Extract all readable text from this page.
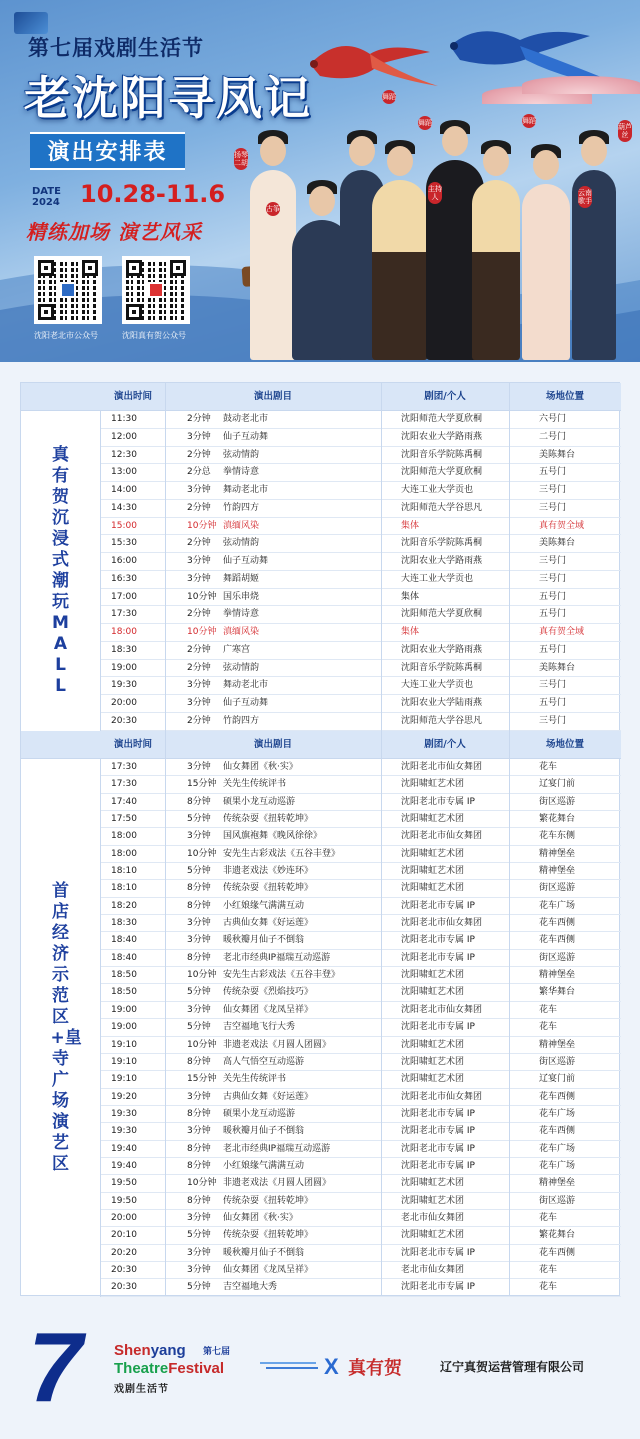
第七届戏剧生活节
老沈阳寻凤记
演出安排表
DATE
2024 10.28-11.6
精练加场 演艺风采
沈阳老北市公众号	沈阳真有贺公众号
扬琴二胡
古筝
舞蹈
舞蹈
主持人
舞蹈
葫芦丝
云南歌手
演出时间	演出剧目	剧团/个人	场地位置
真有贺沉浸式潮玩MALL
11:30	2分钟 鼓动老北市	沈阳师范大学夏欣桐	六号门
12:00	3分钟 仙子互动舞	沈阳农业大学路雨燕	二号门
12:30	2分钟 弦动情韵	沈阳音乐学院陈禹桐	美陈舞台
13:00	2分总 拳情诗意	沈阳师范大学夏欣桐	五号门
14:00	3分钟 舞动老北市	大连工业大学贡也	三号门
14:30	2分钟 竹韵四方	沈阳师范大学谷思凡	三号门
15:00	10分钟 滇缅风染	集体	真有贺全域
15:30	2分钟 弦动情韵	沈阳音乐学院陈禹桐	美陈舞台
16:00	3分钟 仙子互动舞	沈阳农业大学路雨燕	三号门
16:30	3分钟 舞蹈胡姬	大连工业大学贡也	三号门
17:00	10分钟 国乐串烧	集体	五号门
17:30	2分钟 拳情诗意	沈阳师范大学夏欣桐	五号门
18:00	10分钟 滇缅风染	集体	真有贺全域
18:30	2分钟 广寒宫	沈阳农业大学路雨燕	五号门
19:00	2分钟 弦动情韵	沈阳音乐学院陈禹桐	美陈舞台
19:30	3分钟 舞动老北市	大连工业大学贡也	三号门
20:00	3分钟 仙子互动舞	沈阳农业大学陆雨燕	五号门
20:30	2分钟 竹韵四方	沈阳师范大学谷思凡	三号门
演出时间	演出剧目	剧团/个人	场地位置
首店经济示范区+皇寺广场演艺区
17:30	3分钟 仙女舞团《秋·实》	沈阳老北市仙女舞团	花车
17:30	15分钟 关先生传统评书	沈阳啸虹艺术团	辽宴门前
17:40	8分钟 硕果小龙互动巡游	沈阳老北市专属 IP	街区巡游
17:50	5分钟 传统杂耍《扭转乾坤》	沈阳啸虹艺术团	繁花舞台
18:00	3分钟 国风旗袍舞《晚风徐徐》	沈阳老北市仙女舞团	花车东侧
18:00	10分钟 安先生古彩戏法《五谷丰登》	沈阳啸虹艺术团	精神堡垒
18:10	5分钟 非遗老戏法《妙连环》	沈阳啸虹艺术团	精神堡垒
18:10	8分钟 传统杂耍《扭转乾坤》	沈阳啸虹艺术团	街区巡游
18:20	8分钟 小红娘缘气满满互动	沈阳老北市专属 IP	花车广场
18:30	3分钟 古典仙女舞《好运莲》	沈阳老北市仙女舞团	花车西侧
18:40	3分钟 暖秋瓣月仙子不倒翁	沈阳老北市专属 IP	花车西侧
18:40	8分钟 老北市经典IP福瑞互动巡游	沈阳老北市专属 IP	街区巡游
18:50	10分钟 安先生古彩戏法《五谷丰登》	沈阳啸虹艺术团	精神堡垒
18:50	5分钟 传统杂耍《烈焰技巧》	沈阳啸虹艺术团	繁华舞台
19:00	3分钟 仙女舞团《龙凤呈祥》	沈阳老北市仙女舞团	花车
19:00	5分钟 吉空福地飞行大秀	沈阳老北市专属 IP	花车
19:10	10分钟 非遗老戏法《月圆人团圆》	沈阳啸虹艺术团	精神堡垒
19:10	8分钟 高人气悟空互动巡游	沈阳啸虹艺术团	街区巡游
19:10	15分钟 关先生传统评书	沈阳啸虹艺术团	辽宴门前
19:20	3分钟 古典仙女舞《好运莲》	沈阳老北市仙女舞团	花车西侧
19:30	8分钟 硕果小龙互动巡游	沈阳老北市专属 IP	花车广场
19:30	3分钟 暖秋瓣月仙子不倒翁	沈阳老北市专属 IP	花车西侧
19:40	8分钟 老北市经典IP福瑞互动巡游	沈阳老北市专属 IP	花车广场
19:40	8分钟 小红娘缘气满满互动	沈阳老北市专属 IP	花车广场
19:50	10分钟 非遗老戏法《月圆人团圆》	沈阳啸虹艺术团	精神堡垒
19:50	8分钟 传统杂耍《扭转乾坤》	沈阳啸虹艺术团	街区巡游
20:00	3分钟 仙女舞团《秋·实》	老北市仙女舞团	花车
20:10	5分钟 传统杂耍《扭转乾坤》	沈阳啸虹艺术团	繁花舞台
20:20	3分钟 暖秋瓣月仙子不倒翁	沈阳老北市专属 IP	花车西侧
20:30	3分钟 仙女舞团《龙凤呈祥》	老北市仙女舞团	花车
20:30	5分钟 吉空福地大秀	沈阳老北市专属 IP	花车
7 Shenyang 第七届
TheatreFestival
戏剧生活节
X 真有贺	辽宁真贺运营管理有限公司
